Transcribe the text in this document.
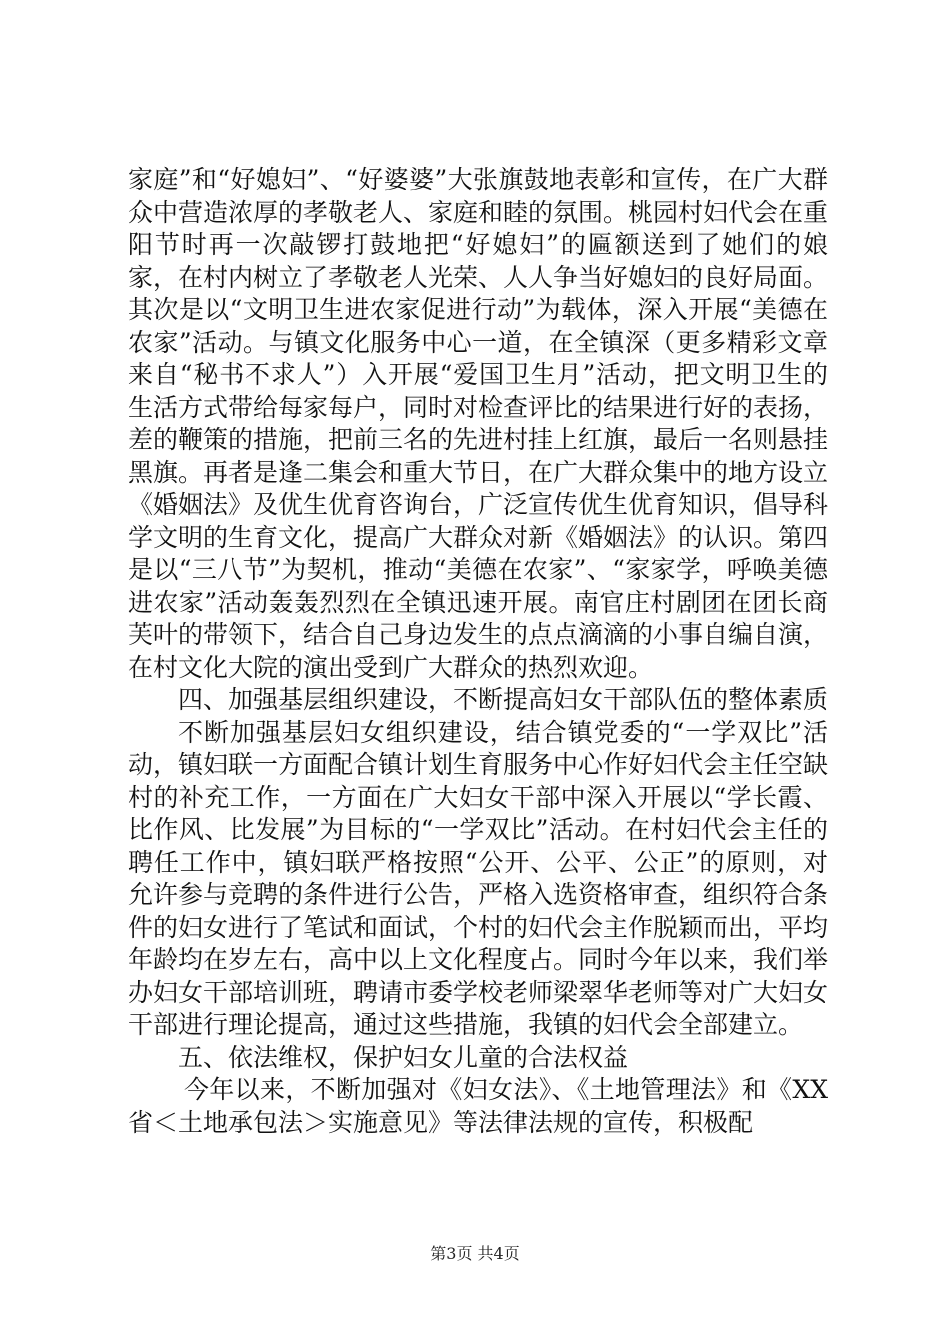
家庭”和“好媳妇”、“好婆婆”大张旗鼓地表彰和宣传，在广大群众中营造浓厚的孝敬老人、家庭和睦的氛围。桃园村妇代会在重阳节时再一次敲锣打鼓地把“好媳妇”的匾额送到了她们的娘家，在村内树立了孝敬老人光荣、人人争当好媳妇的良好局面。其次是以“文明卫生进农家促进行动”为载体，深入开展“美德在农家”活动。与镇文化服务中心一道，在全镇深（更多精彩文章来自“秘书不求人”）入开展“爱国卫生月”活动，把文明卫生的生活方式带给每家每户，同时对检查评比的结果进行好的表扬，差的鞭策的措施，把前三名的先进村挂上红旗，最后一名则悬挂黑旗。再者是逢二集会和重大节日，在广大群众集中的地方设立《婚姻法》及优生优育咨询台，广泛宣传优生优育知识，倡导科学文明的生育文化，提高广大群众对新《婚姻法》的认识。第四是以“三八节”为契机，推动“美德在农家”、“家家学，呼唤美德进农家”活动轰轰烈烈在全镇迅速开展。南官庄村剧团在团长商芙叶的带领下，结合自己身边发生的点点滴滴的小事自编自演，在村文化大院的演出受到广大群众的热烈欢迎。

四、加强基层组织建设，不断提高妇女干部队伍的整体素质

不断加强基层妇女组织建设，结合镇党委的“一学双比”活动，镇妇联一方面配合镇计划生育服务中心作好妇代会主任空缺村的补充工作，一方面在广大妇女干部中深入开展以“学长霞、比作风、比发展”为目标的“一学双比”活动。在村妇代会主任的聘任工作中，镇妇联严格按照“公开、公平、公正”的原则，对允许参与竞聘的条件进行公告，严格入选资格审查，组织符合条件的妇女进行了笔试和面试，个村的妇代会主作脱颖而出，平均年龄均在岁左右，高中以上文化程度占。同时今年以来，我们举办妇女干部培训班，聘请市委学校老师梁翠华老师等对广大妇女干部进行理论提高，通过这些措施，我镇的妇代会全部建立。

五、依法维权，保护妇女儿童的合法权益

今年以来，不断加强对《妇女法》、《土地管理法》和《XX省＜土地承包法＞实施意见》等法律法规的宣传，积极配

第3页 共4页
